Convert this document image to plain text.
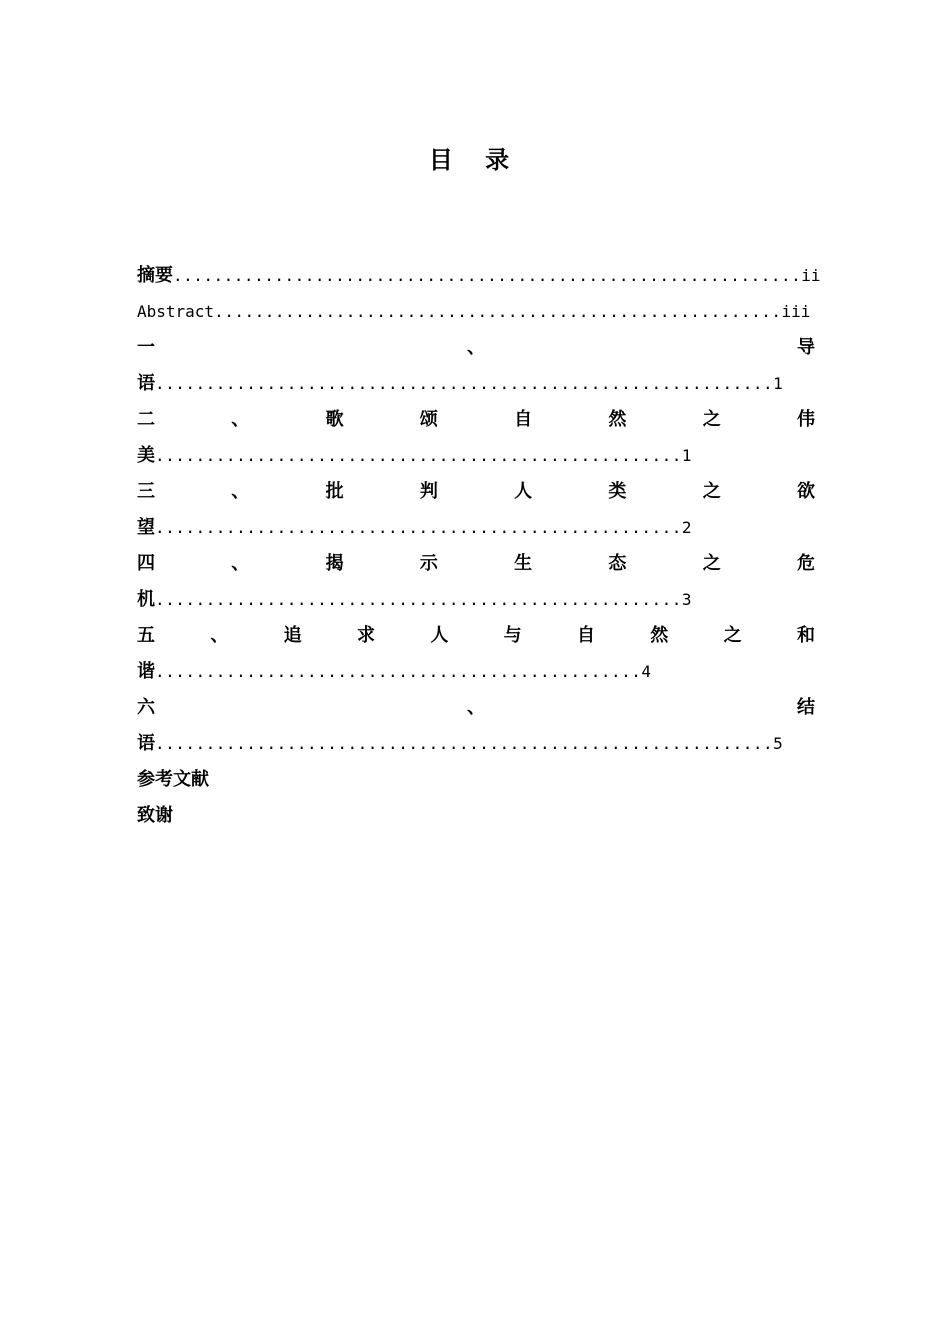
目 录
摘要..............................................................ii
Abstract........................................................iii
一	、	导
语.............................................................1
二	、	歌	颂	自	然	之	伟
美....................................................1
三	、	批	判	人	类	之	欲
望....................................................2
四	、	揭	示	生	态	之	危
机....................................................3
五	、	追	求	人	与	自	然	之	和
谐................................................4
六	、	结
语.............................................................5
参考文献
致谢
